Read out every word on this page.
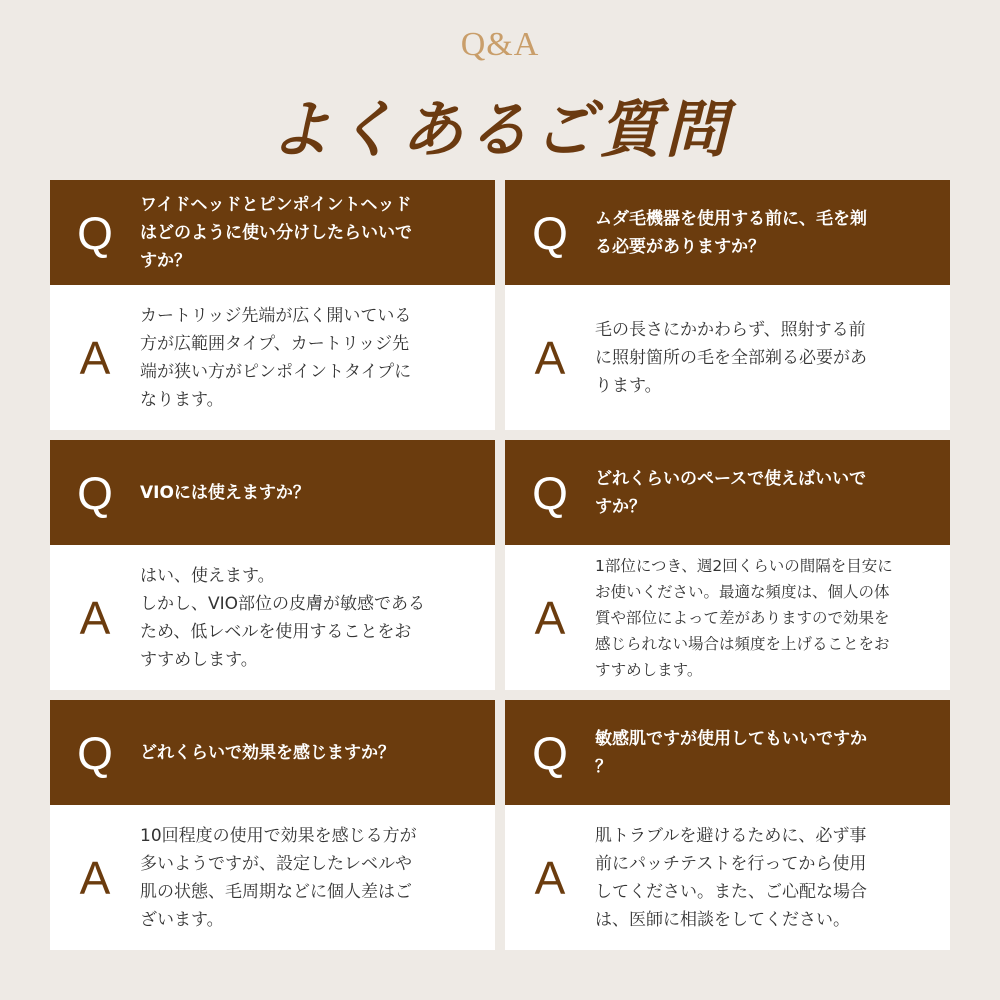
Q&A
よくあるご質問
Q
ワイドヘッドとピンポイントヘッド
はどのように使い分けしたらいいで
すか？
A
カートリッジ先端が広く開いている
方が広範囲タイプ、カートリッジ先
端が狭い方がピンポイントタイプに
なります。
Q	ムダ毛機器を使用する前に、毛を剃
る必要がありますか？
A
毛の長さにかかわらず、照射する前
に照射箇所の毛を全部剃る必要があ
ります。
Q	VIOには使えますか？
A
はい、使えます。
しかし、VIO部位の皮膚が敏感である
ため、低レベルを使用することをお
すすめします。
Q	どれくらいのペースで使えばいいで
すか？
A
1部位につき、週2回くらいの間隔を目安に
お使いください。最適な頻度は、個人の体
質や部位によって差がありますので効果を
感じられない場合は頻度を上げることをお
すすめします。
Q	どれくらいで効果を感じますか？
A
10回程度の使用で効果を感じる方が
多いようですが、設定したレベルや
肌の状態、毛周期などに個人差はご
ざいます。
Q	敏感肌ですが使用してもいいですか
？
A
肌トラブルを避けるために、必ず事
前にパッチテストを行ってから使用
してください。また、ご心配な場合
は、医師に相談をしてください。
